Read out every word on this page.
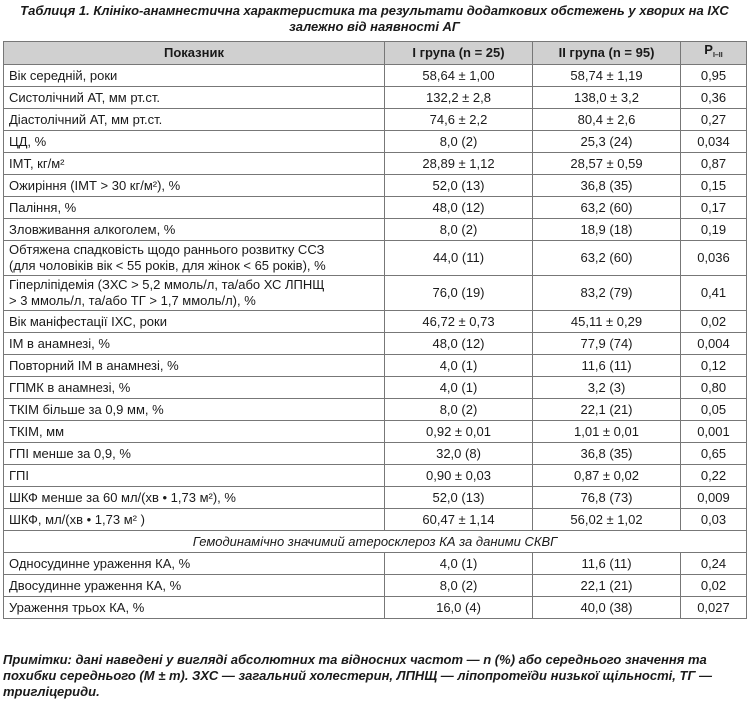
Таблиця 1. Клініко-анамнестична характеристика та результати додаткових обстежень у хворих на ІХС
залежно від наявності АГ
Показник	I група (n = 25)	II група (n = 95)	$P_{I-II}$

Вік середній, роки	58,64 ± 1,00	58,74 ± 1,19	0,95

Систолічний АТ, мм рт.ст.	132,2 ± 2,8	138,0 ± 3,2	0,36

Діастолічний АТ, мм рт.ст.	74,6 ± 2,2	80,4 ± 2,6	0,27

ЦД, %	8,0 (2)	25,3 (24)	0,034

ІМТ, кг/м²	28,89 ± 1,12	28,57 ± 0,59	0,87

Ожиріння (ІМТ > 30 кг/м²), %	52,0 (13)	36,8 (35)	0,15

Паління, %	48,0 (12)	63,2 (60)	0,17

Зловживання алкоголем, %	8,0 (2)	18,9 (18)	0,19

Обтяжена спадковість щодо раннього розвитку ССЗ
(для чоловіків вік < 55 років, для жінок < 65 років), %	44,0 (11)	63,2 (60)	0,036

Гіперліпідемія (ЗХС > 5,2 ммоль/л, та/або ХС ЛПНЩ
> 3 ммоль/л, та/або ТГ > 1,7 ммоль/л), %	76,0 (19)	83,2 (79)	0,41

Вік маніфестації ІХС, роки	46,72 ± 0,73	45,11 ± 0,29	0,02

ІМ в анамнезі, %	48,0 (12)	77,9 (74)	0,004

Повторний ІМ в анамнезі, %	4,0 (1)	11,6 (11)	0,12

ГПМК в анамнезі, %	4,0 (1)	3,2 (3)	0,80

ТКІМ більше за 0,9 мм, %	8,0 (2)	22,1 (21)	0,05

ТКІМ, мм	0,92 ± 0,01	1,01 ± 0,01	0,001

ГПІ менше за 0,9, %	32,0 (8)	36,8 (35)	0,65

ГПІ	0,90 ± 0,03	0,87 ± 0,02	0,22

ШКФ менше за 60 мл/(хв • 1,73 м²), %	52,0 (13)	76,8 (73)	0,009

ШКФ, мл/(хв • 1,73 м² )	60,47 ± 1,14	56,02 ± 1,02	0,03
Гемодинамічно значимий атеросклероз КА за даними СКВГ			

Односудинне ураження КА, %	4,0 (1)	11,6 (11)	0,24

Двосудинне ураження КА, %	8,0 (2)	22,1 (21)	0,02

Ураження трьох КА, %	16,0 (4)	40,0 (38)	0,027
Примітки: дані наведені у вигляді абсолютних та відносних частот — n (%) або середнього значення та похибки середнього (M ± m). ЗХС — загальний холестерин, ЛПНЩ — ліпопротеїди низької щільності, ТГ — тригліцериди.
